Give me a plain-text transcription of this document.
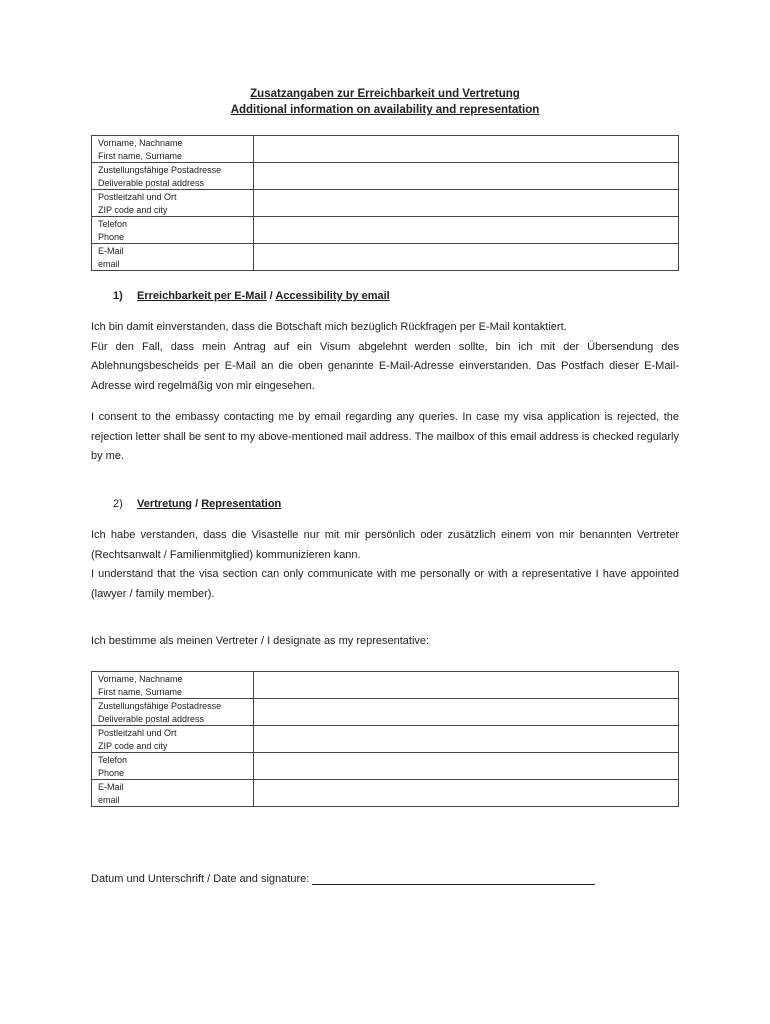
Zusatzangaben zur Erreichbarkeit und Vertretung
Additional information on availability and representation
Vorname, Nachname
First name, Surname	
Zustellungsfähige Postadresse
Deliverable postal address	
Postleitzahl und Ort
ZIP code and city	
Telefon
Phone	
E-Mail
email	
1) Erreichbarkeit per E-Mail / Accessibility by email

Ich bin damit einverstanden, dass die Botschaft mich bezüglich Rückfragen per E-Mail kontaktiert.
Für den Fall, dass mein Antrag auf ein Visum abgelehnt werden sollte, bin ich mit der Übersendung des Ablehnungsbescheids per E-Mail an die oben genannte E-Mail-Adresse einverstanden. Das Postfach dieser E-Mail-Adresse wird regelmäßig von mir eingesehen.

I consent to the embassy contacting me by email regarding any queries. In case my visa application is rejected, the rejection letter shall be sent to my above-mentioned mail address. The mailbox of this email address is checked regularly by me.

2) Vertretung / Representation

Ich habe verstanden, dass die Visastelle nur mit mir persönlich oder zusätzlich einem von mir benannten Vertreter (Rechtsanwalt / Familienmitglied) kommunizieren kann.
I understand that the visa section can only communicate with me personally or with a representative I have appointed (lawyer / family member).

Ich bestimme als meinen Vertreter / I designate as my representative:

Vorname, Nachname
First name, Surname	
Zustellungsfähige Postadresse
Deliverable postal address	
Postleitzahl und Ort
ZIP code and city	
Telefon
Phone	
E-Mail
email	
Datum und Unterschrift / Date and signature:
